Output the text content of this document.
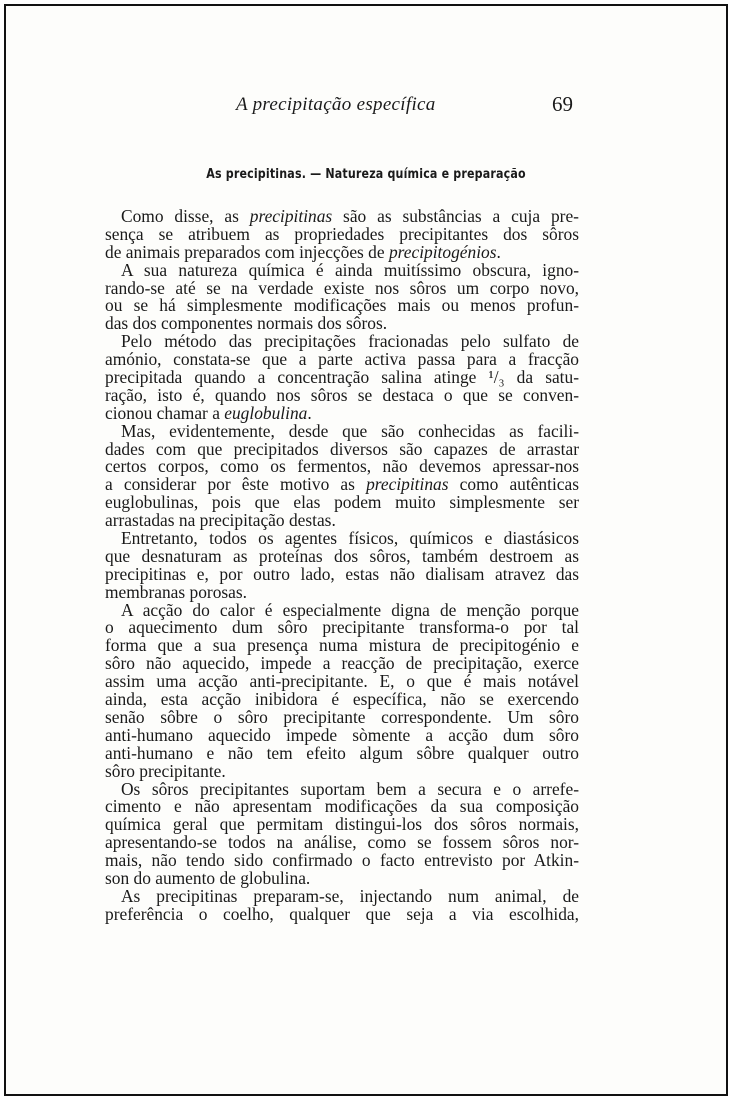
A precipitação específica	69
As precipitinas. — Natureza química e preparação
Como disse, as precipitinas são as substâncias a cuja pre-
sença se atribuem as propriedades precipitantes dos sôros
de animais preparados com injecções de precipitogénios.
A sua natureza química é ainda muitíssimo obscura, igno-
rando-se até se na verdade existe nos sôros um corpo novo,
ou se há simplesmente modificações mais ou menos profun-
das dos componentes normais dos sôros.
Pelo método das precipitações fracionadas pelo sulfato de
amónio, constata-se que a parte activa passa para a fracção
precipitada quando a concentração salina atinge ¹/₃ da satu-
ração, isto é, quando nos sôros se destaca o que se conven-
cionou chamar a euglobulina.
Mas, evidentemente, desde que são conhecidas as facili-
dades com que precipitados diversos são capazes de arrastar
certos corpos, como os fermentos, não devemos apressar-nos
a considerar por êste motivo as precipitinas como autênticas
euglobulinas, pois que elas podem muito simplesmente ser
arrastadas na precipitação destas.
Entretanto, todos os agentes físicos, químicos e diastásicos
que desnaturam as proteínas dos sôros, também destroem as
precipitinas e, por outro lado, estas não dialisam atravez das
membranas porosas.
A acção do calor é especialmente digna de menção porque
o aquecimento dum sôro precipitante transforma-o por tal
forma que a sua presença numa mistura de precipitogénio e
sôro não aquecido, impede a reacção de precipitação, exerce
assim uma acção anti-precipitante. E, o que é mais notável
ainda, esta acção inibidora é específica, não se exercendo
senão sôbre o sôro precipitante correspondente. Um sôro
anti-humano aquecido impede sòmente a acção dum sôro
anti-humano e não tem efeito algum sôbre qualquer outro
sôro precipitante.
Os sôros precipitantes suportam bem a secura e o arrefe-
cimento e não apresentam modificações da sua composição
química geral que permitam distingui-los dos sôros normais,
apresentando-se todos na análise, como se fossem sôros nor-
mais, não tendo sido confirmado o facto entrevisto por Atkin-
son do aumento de globulina.
As precipitinas preparam-se, injectando num animal, de
preferência o coelho, qualquer que seja a via escolhida,
